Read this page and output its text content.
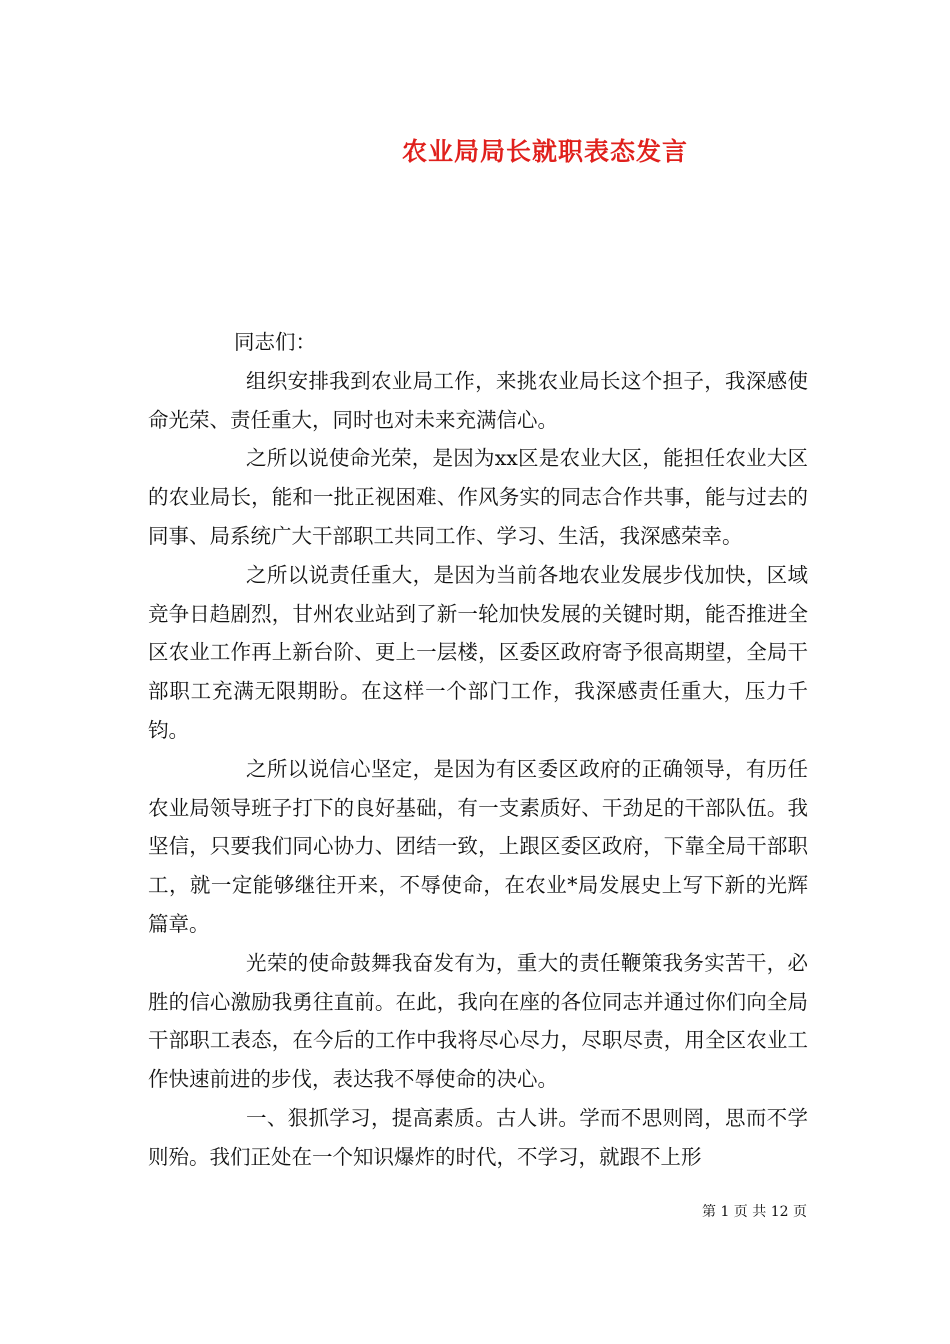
农业局局长就职表态发言

同志们：

组织安排我到农业局工作，来挑农业局长这个担子，我深感使命光荣、责任重大，同时也对未来充满信心。

之所以说使命光荣，是因为xx区是农业大区，能担任农业大区的农业局长，能和一批正视困难、作风务实的同志合作共事，能与过去的同事、局系统广大干部职工共同工作、学习、生活，我深感荣幸。

之所以说责任重大，是因为当前各地农业发展步伐加快，区域竞争日趋剧烈，甘州农业站到了新一轮加快发展的关键时期，能否推进全区农业工作再上新台阶、更上一层楼，区委区政府寄予很高期望，全局干部职工充满无限期盼。在这样一个部门工作，我深感责任重大，压力千钧。

之所以说信心坚定，是因为有区委区政府的正确领导，有历任农业局领导班子打下的良好基础，有一支素质好、干劲足的干部队伍。我坚信，只要我们同心协力、团结一致，上跟区委区政府，下靠全局干部职工，就一定能够继往开来，不辱使命，在农业*局发展史上写下新的光辉篇章。

光荣的使命鼓舞我奋发有为，重大的责任鞭策我务实苦干，必胜的信心激励我勇往直前。在此，我向在座的各位同志并通过你们向全局干部职工表态，在今后的工作中我将尽心尽力，尽职尽责，用全区农业工作快速前进的步伐，表达我不辱使命的决心。

一、狠抓学习，提高素质。古人讲。学而不思则罔，思而不学则殆。我们正处在一个知识爆炸的时代，不学习，就跟不上形

第 1 页 共 12 页
